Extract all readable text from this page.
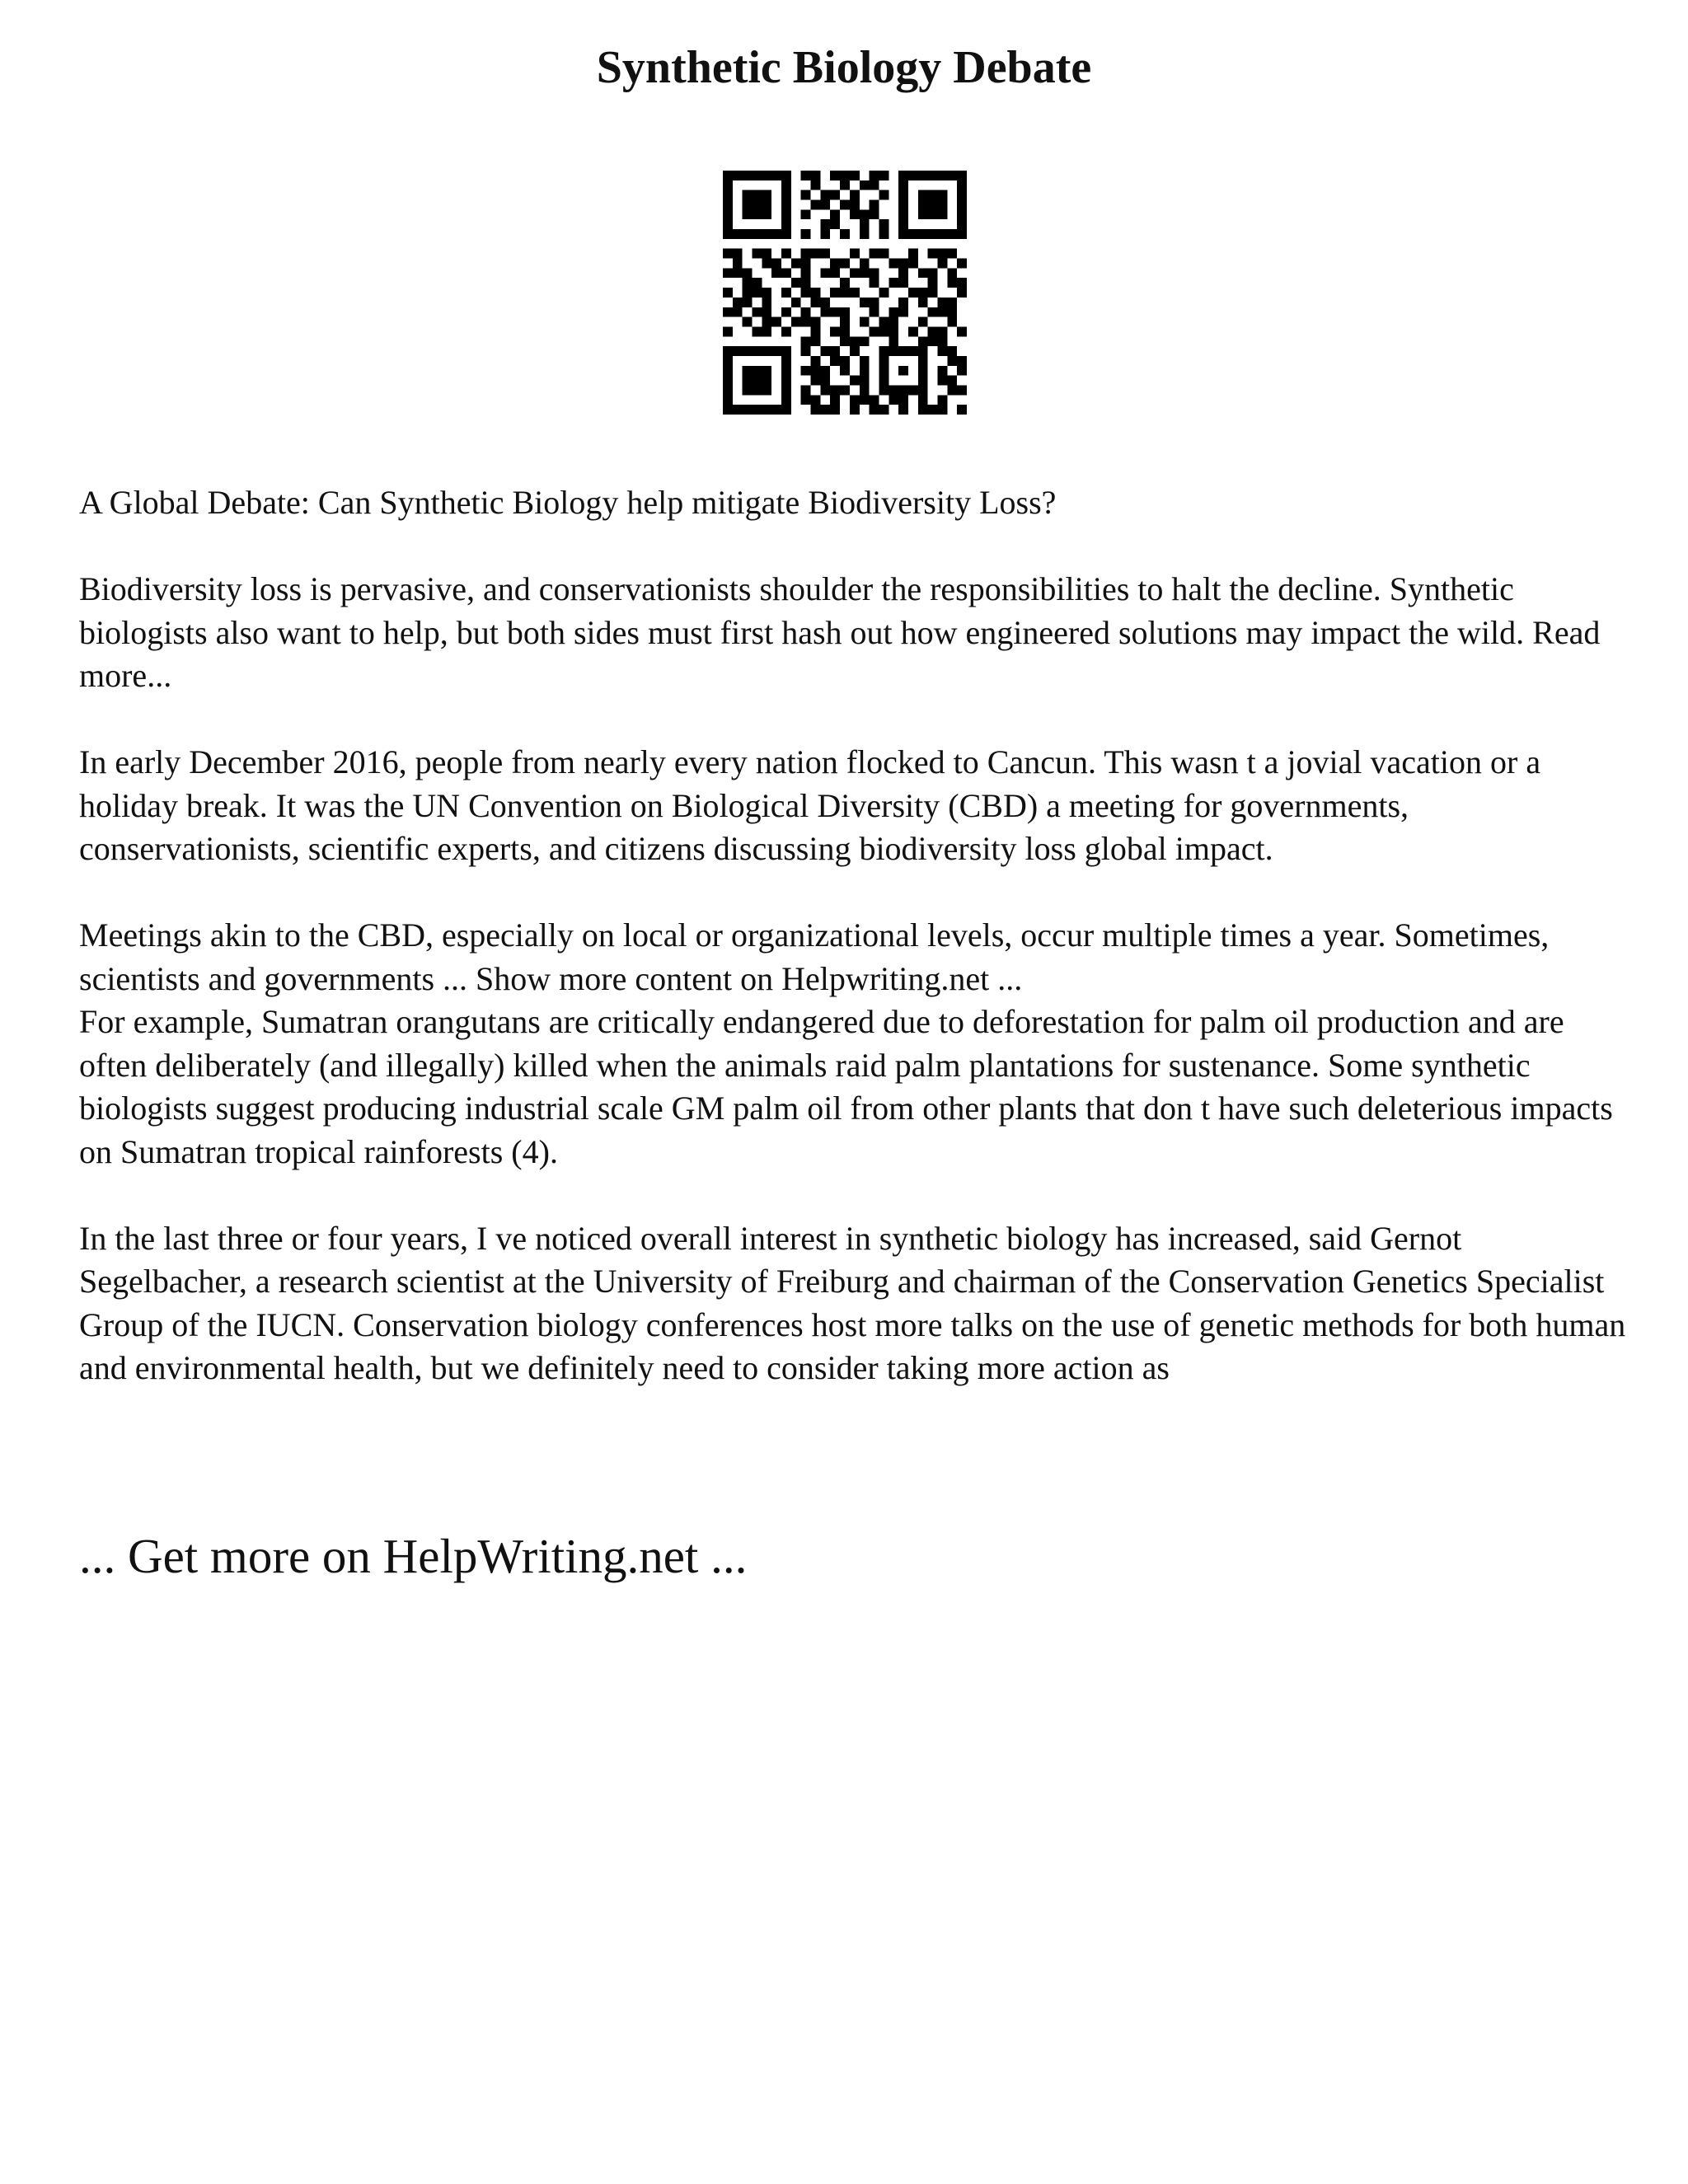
Synthetic Biology Debate

A Global Debate: Can Synthetic Biology help mitigate Biodiversity Loss?

Biodiversity loss is pervasive, and conservationists shoulder the responsibilities to halt the decline. Synthetic biologists also want to help, but both sides must first hash out how engineered solutions may impact the wild. Read more...

In early December 2016, people from nearly every nation flocked to Cancun. This wasn t a jovial vacation or a holiday break. It was the UN Convention on Biological Diversity (CBD) a meeting for governments, conservationists, scientific experts, and citizens discussing biodiversity loss global impact.

Meetings akin to the CBD, especially on local or organizational levels, occur multiple times a year. Sometimes, scientists and governments ... Show more content on Helpwriting.net ...

For example, Sumatran orangutans are critically endangered due to deforestation for palm oil production and are often deliberately (and illegally) killed when the animals raid palm plantations for sustenance. Some synthetic biologists suggest producing industrial scale GM palm oil from other plants that don t have such deleterious impacts on Sumatran tropical rainforests (4).

In the last three or four years, I ve noticed overall interest in synthetic biology has increased, said Gernot Segelbacher, a research scientist at the University of Freiburg and chairman of the Conservation Genetics Specialist Group of the IUCN. Conservation biology conferences host more talks on the use of genetic methods for both human and environmental health, but we definitely need to consider taking more action as

... Get more on HelpWriting.net ...
